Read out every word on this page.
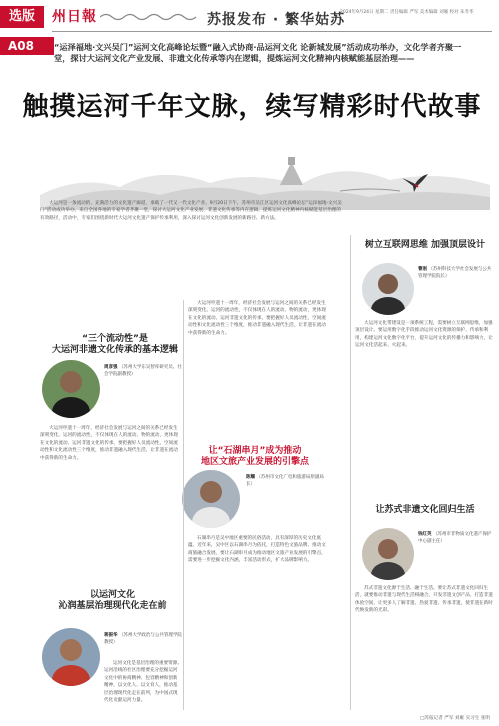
选版	州日報	苏报发布 · 繁华姑苏
2024年9月24日 星期二 责任编辑 严军 美术编辑 刘雁 校对 朱冬华
A08	“运泽福地·文兴吴门”运河文化高峰论坛暨“融入式协商·品运河文化 论新城发展”活动成功举办，文化学者齐聚一堂，探讨大运河文化产业发展、非遗文化传承等内在逻辑，提炼运河文化精神内核赋能基层治理——
触摸运河千年文脉，续写精彩时代故事
大运河是一条流动的、充满活力的文化遗产廊道，承载了一代又一代文化产业。9月20日下午，苏州市吴江区运河文化高峰论坛“运泽福地·文兴吴门”活动成功举办。来自全国各地的专家学者齐聚一堂，探讨大运河文化产业发展、非遗文化传承等内在逻辑，提炼运河文化精神内核赋能基层治理的有效路径，活动中，专家们围绕新时代大运河文化遗产保护传承利用，深入探讨运河文化创新发展的新路径、新方法。
树立互联网思维 加强顶层设计
曹刚 （苏州科技大学社会发展与公共管理学院院长）

大运河文化带建设是一项系统工程，需要树立互联网思维，加强顶层设计。要运用数字化手段推动运河文化资源的保护、传承和利用，构建运河文化数字化平台，提升运河文化的传播力和影响力，让运河文化活起来、火起来。

“三个流动性”是
大运河非遗文化传承的基本逻辑
周彦强 （苏州大学东吴智库研究员、社会学院副教授）

大运河申遗十一周年，经济社会发展与运河之间的关系已经发生深刻变化。运河的流动性，不仅体现在人的流动、物的流动，更体现在文化的流动。运河非遗文化的传承，要把握好人员流动性、空间流动性和文化流动性三个维度，推动非遗融入现代生活，让非遗在流动中获得新的生命力。

大运河申遗十一周年，经济社会发展与运河之间的关系已经发生深刻变化。运河的流动性，不仅体现在人的流动、物的流动，更体现在文化的流动。运河非遗文化的传承，要把握好人员流动性、空间流动性和文化流动性三个维度，推动非遗融入现代生活，让非遗在流动中获得新的生命力。

让“石湖串月”成为推动
地区文旅产业发展的引擎点
陈耀 （苏州市文化广电和旅游局原副局长）

石湖串月是吴中地区重要的民俗活动，具有深厚的历史文化底蕴。近年来，吴中区以石湖串月为依托，打造特色文旅品牌，推动文商旅融合发展。要让石湖串月成为推动地区文旅产业发展的引擎点，需要进一步挖掘文化内涵，丰富活动形式，扩大品牌影响力。

以运河文化
沁润基层治理现代化走在前
蒋振华 （苏州大学政治与公共管理学院教授）

运河文化是基层治理的重要资源。运河沿线的社区治理要充分挖掘运河文化中的协商精神、包容精神和创新精神，以文化人、以文育人，推动基层治理现代化走在前列，为中国式现代化贡献运河力量。

让苏式非遗文化回归生活
钱红英 （苏州市非物质文化遗产保护中心副主任）

苏式非遗文化源于生活、融于生活。要让苏式非遗文化回归生活，就要推动非遗与现代生活相融合，开发非遗文创产品，打造非遗体验空间，让更多人了解非遗、热爱非遗、传承非遗，使非遗在新时代焕发新的光彩。

□苏报记者 严军 刘雁 实习生 张明
